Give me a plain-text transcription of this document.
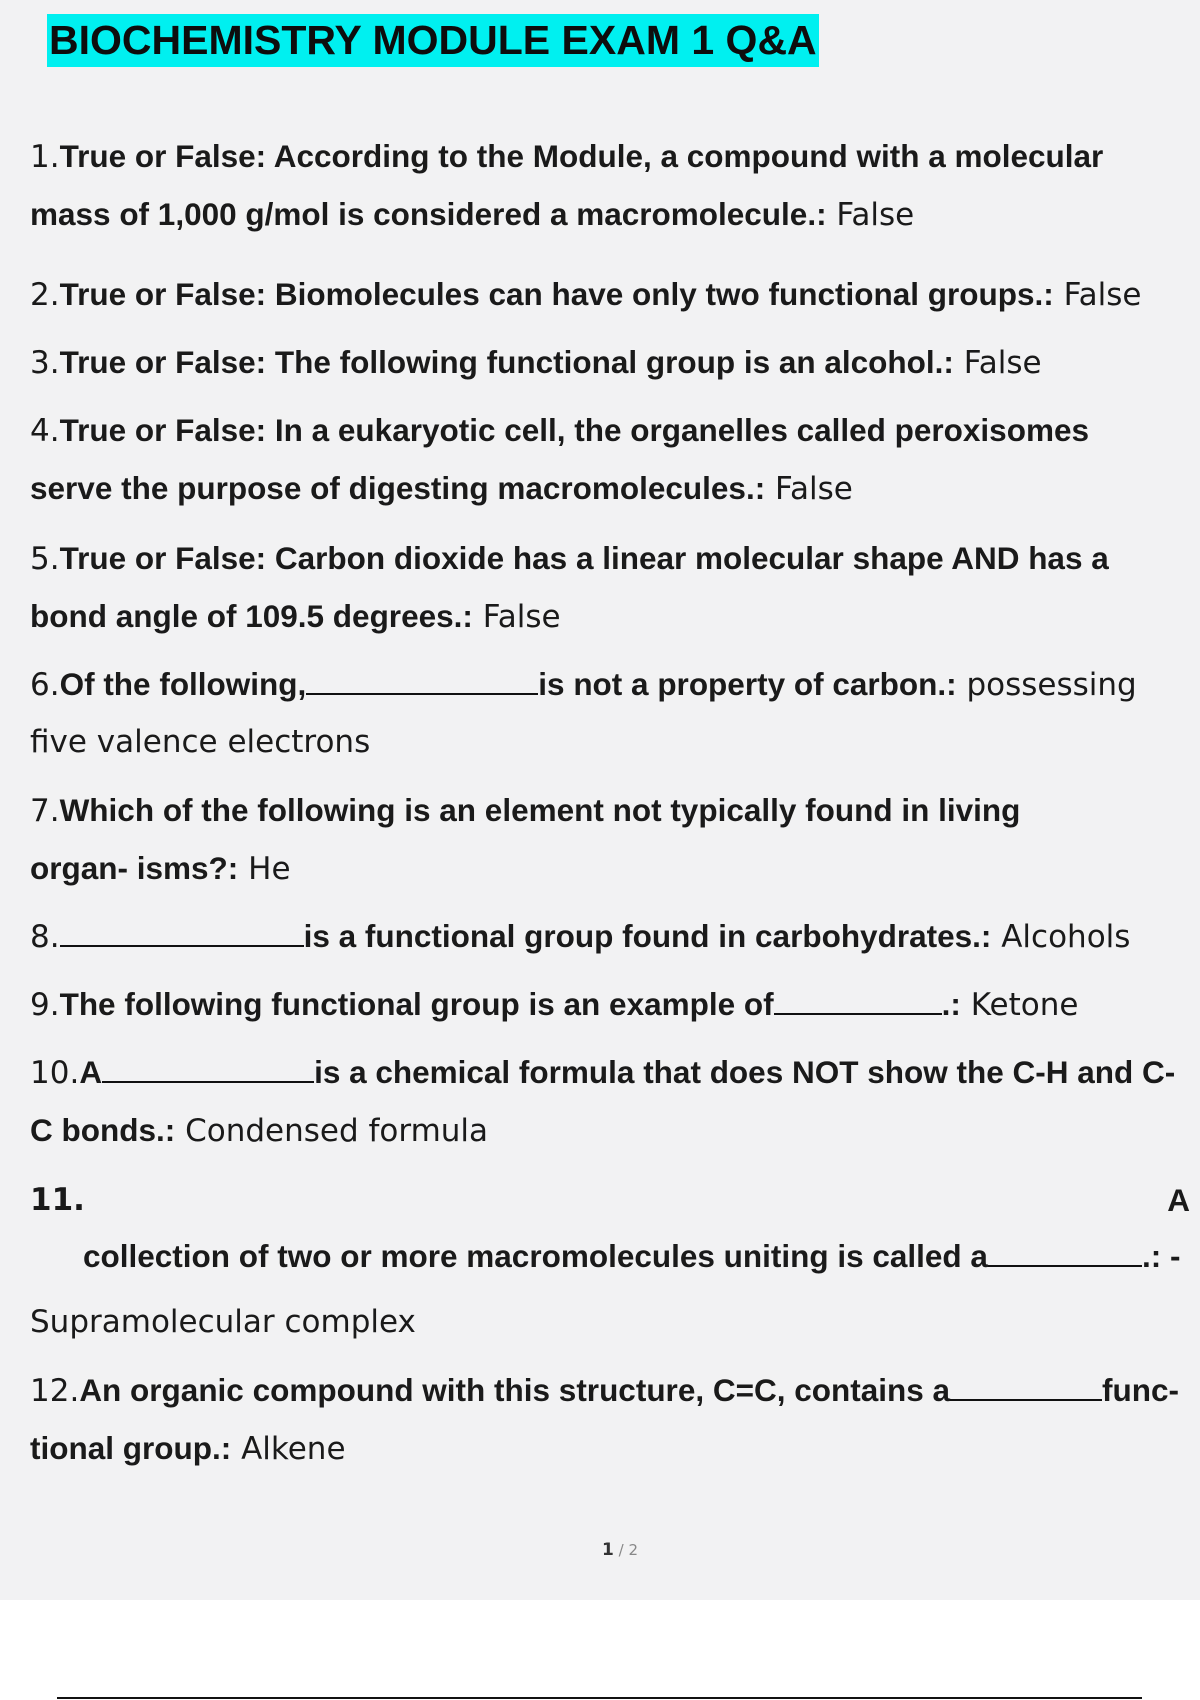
BIOCHEMISTRY MODULE EXAM 1 Q&A
1.True or False: According to the Module, a compound with a molecular
mass of 1,000 g/mol is considered a macromolecule.: False
2.True or False: Biomolecules can have only two functional groups.: False
3.True or False: The following functional group is an alcohol.: False
4.True or False: In a eukaryotic cell, the organelles called peroxisomes
serve the purpose of digesting macromolecules.: False
5.True or False: Carbon dioxide has a linear molecular shape AND has a
bond angle of 109.5 degrees.: False
6.Of the following,	is not a property of carbon.: possessing
five valence electrons
7.Which of the following is an element not typically found in living
organ- isms?: He
8.	is a functional group found in carbohydrates.: Alcohols
9.The following functional group is an example of	.: Ketone
10.A	is a chemical formula that does NOT show the C-H and C-
C bonds.: Condensed formula
11.	A
collection of two or more macromolecules uniting is called a	.: -
Supramolecular complex
12.An organic compound with this structure, C=C, contains a	func-
tional group.: Alkene
1 / 2
